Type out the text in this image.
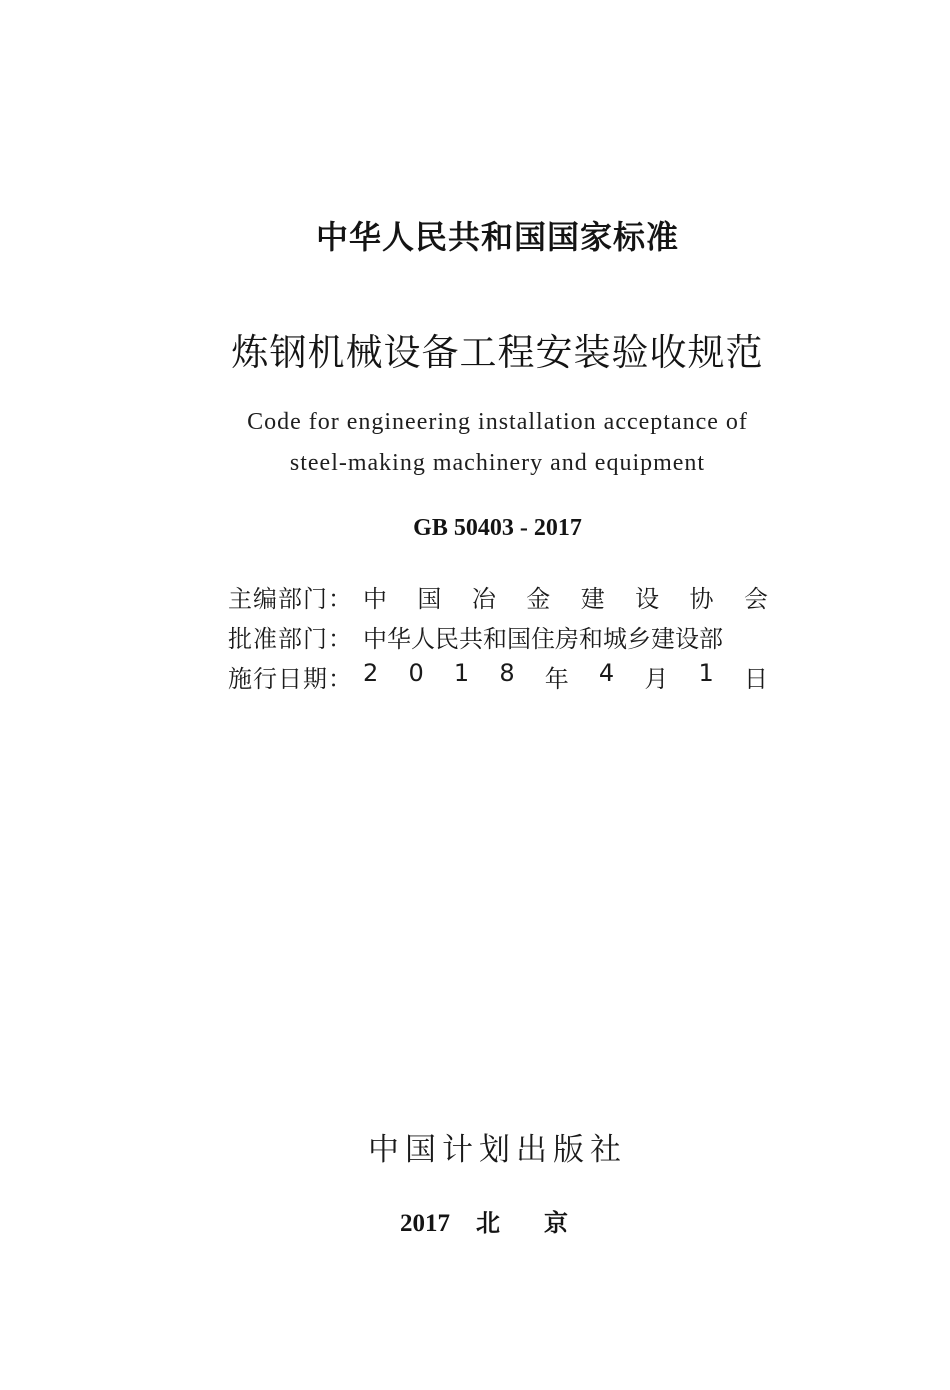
中华人民共和国国家标准
炼钢机械设备工程安装验收规范
Code for engineering installation acceptance of
steel-making machinery and equipment
GB 50403 - 2017
主编部门： 中 国 冶 金 建 设 协 会
批准部门： 中华人民共和国住房和城乡建设部
施行日期： 2 0 1 8 年 4 月 1 日
中国计划出版社
2017 北京
